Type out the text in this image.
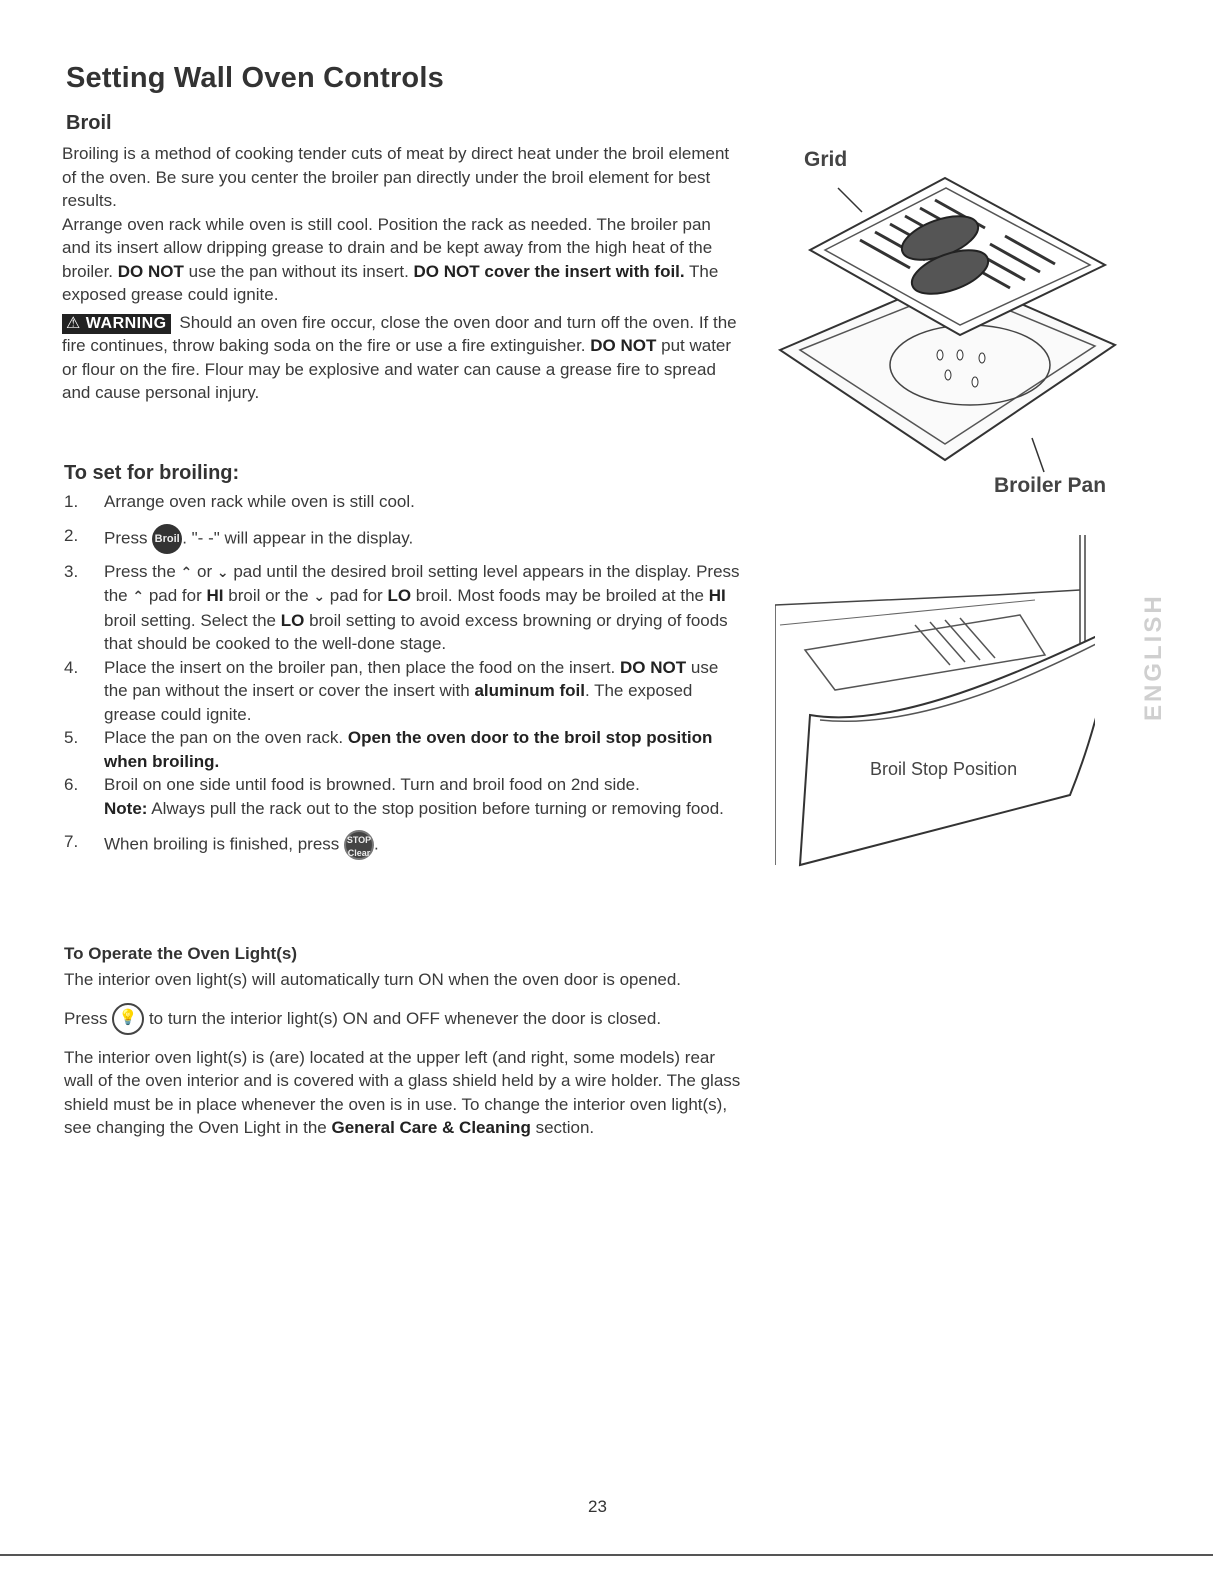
Setting Wall Oven Controls
Broil

Broiling is a method of cooking tender cuts of meat by direct heat under the broil element of the oven. Be sure you center the broiler pan directly under the broil element for best results.

Arrange oven rack while oven is still cool. Position the rack as needed. The broiler pan and its insert allow dripping grease to drain and be kept away from the high heat of the broiler. DO NOT use the pan without its insert. DO NOT cover the insert with foil. The exposed grease could ignite.

⚠ WARNING Should an oven fire occur, close the oven door and turn off the oven. If the fire continues, throw baking soda on the fire or use a fire extinguisher. DO NOT put water or flour on the fire. Flour may be explosive and water can cause a grease fire to spread and cause personal injury.

To set for broiling:
1. Arrange oven rack while oven is still cool.
2. Press Broil . "- -" will appear in the display.
3. Press the ⌃ or ⌄ pad until the desired broil setting level appears in the display. Press the ⌃ pad for HI broil or the ⌄ pad for LO broil. Most foods may be broiled at the HI broil setting. Select the LO broil setting to avoid excess browning or drying of foods that should be cooked to the well-done stage.
4. Place the insert on the broiler pan, then place the food on the insert. DO NOT use the pan without the insert or cover the insert with aluminum foil. The exposed grease could ignite.
5. Place the pan on the oven rack. Open the oven door to the broil stop position when broiling.
6. Broil on one side until food is browned. Turn and broil food on 2nd side.
Note: Always pull the rack out to the stop position before turning or removing food.
7. When broiling is finished, press STOP
Clear .
To Operate the Oven Light(s)

The interior oven light(s) will automatically turn ON when the oven door is opened.

Press 💡 to turn the interior light(s) ON and OFF whenever the door is closed.

The interior oven light(s) is (are) located at the upper left (and right, some models) rear wall of the oven interior and is covered with a glass shield held by a wire holder. The glass shield must be in place whenever the oven is in use. To change the interior oven light(s), see changing the Oven Light in the General Care & Cleaning section.

Grid
Broiler Pan
Broil Stop Position
ENGLISH
23
